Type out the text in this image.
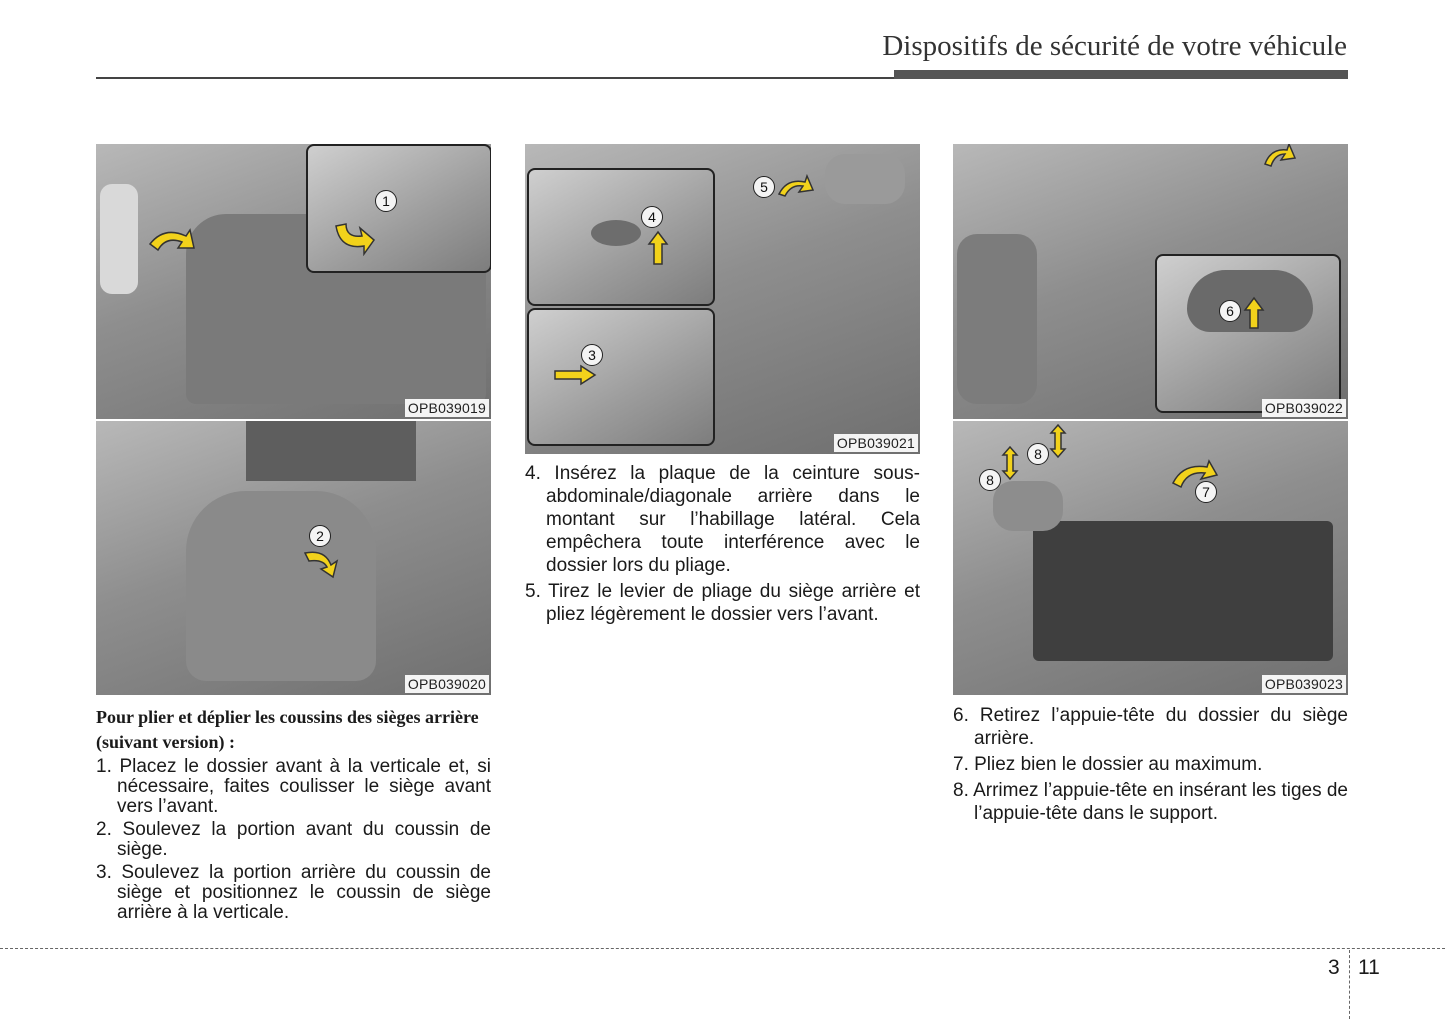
Dispositifs de sécurité de votre véhicule
1
OPB039019
2
OPB039020
4
3
5
OPB039021
6
OPB039022
8
8
7
OPB039023
Pour plier et déplier les coussins des sièges arrière (suivant version) :

1. Placez le dossier avant à la verticale et, si nécessaire, faites coulisser le siège avant vers l’avant.

2. Soulevez la portion avant du coussin de siège.

3. Soulevez la portion arrière du coussin de siège et positionnez le coussin de siège arrière à la verticale.

4. Insérez la plaque de la ceinture sous-abdominale/diagonale arrière dans le montant sur l’habillage latéral. Cela empêchera toute interférence avec le dossier lors du pliage.

5. Tirez le levier de pliage du siège arrière et pliez légèrement le dossier vers l’avant.

6. Retirez l’appuie-tête du dossier du siège arrière.

7. Pliez bien le dossier au maximum.

8. Arrimez l’appuie-tête en insérant les tiges de l’appuie-tête dans le support.

3 11
